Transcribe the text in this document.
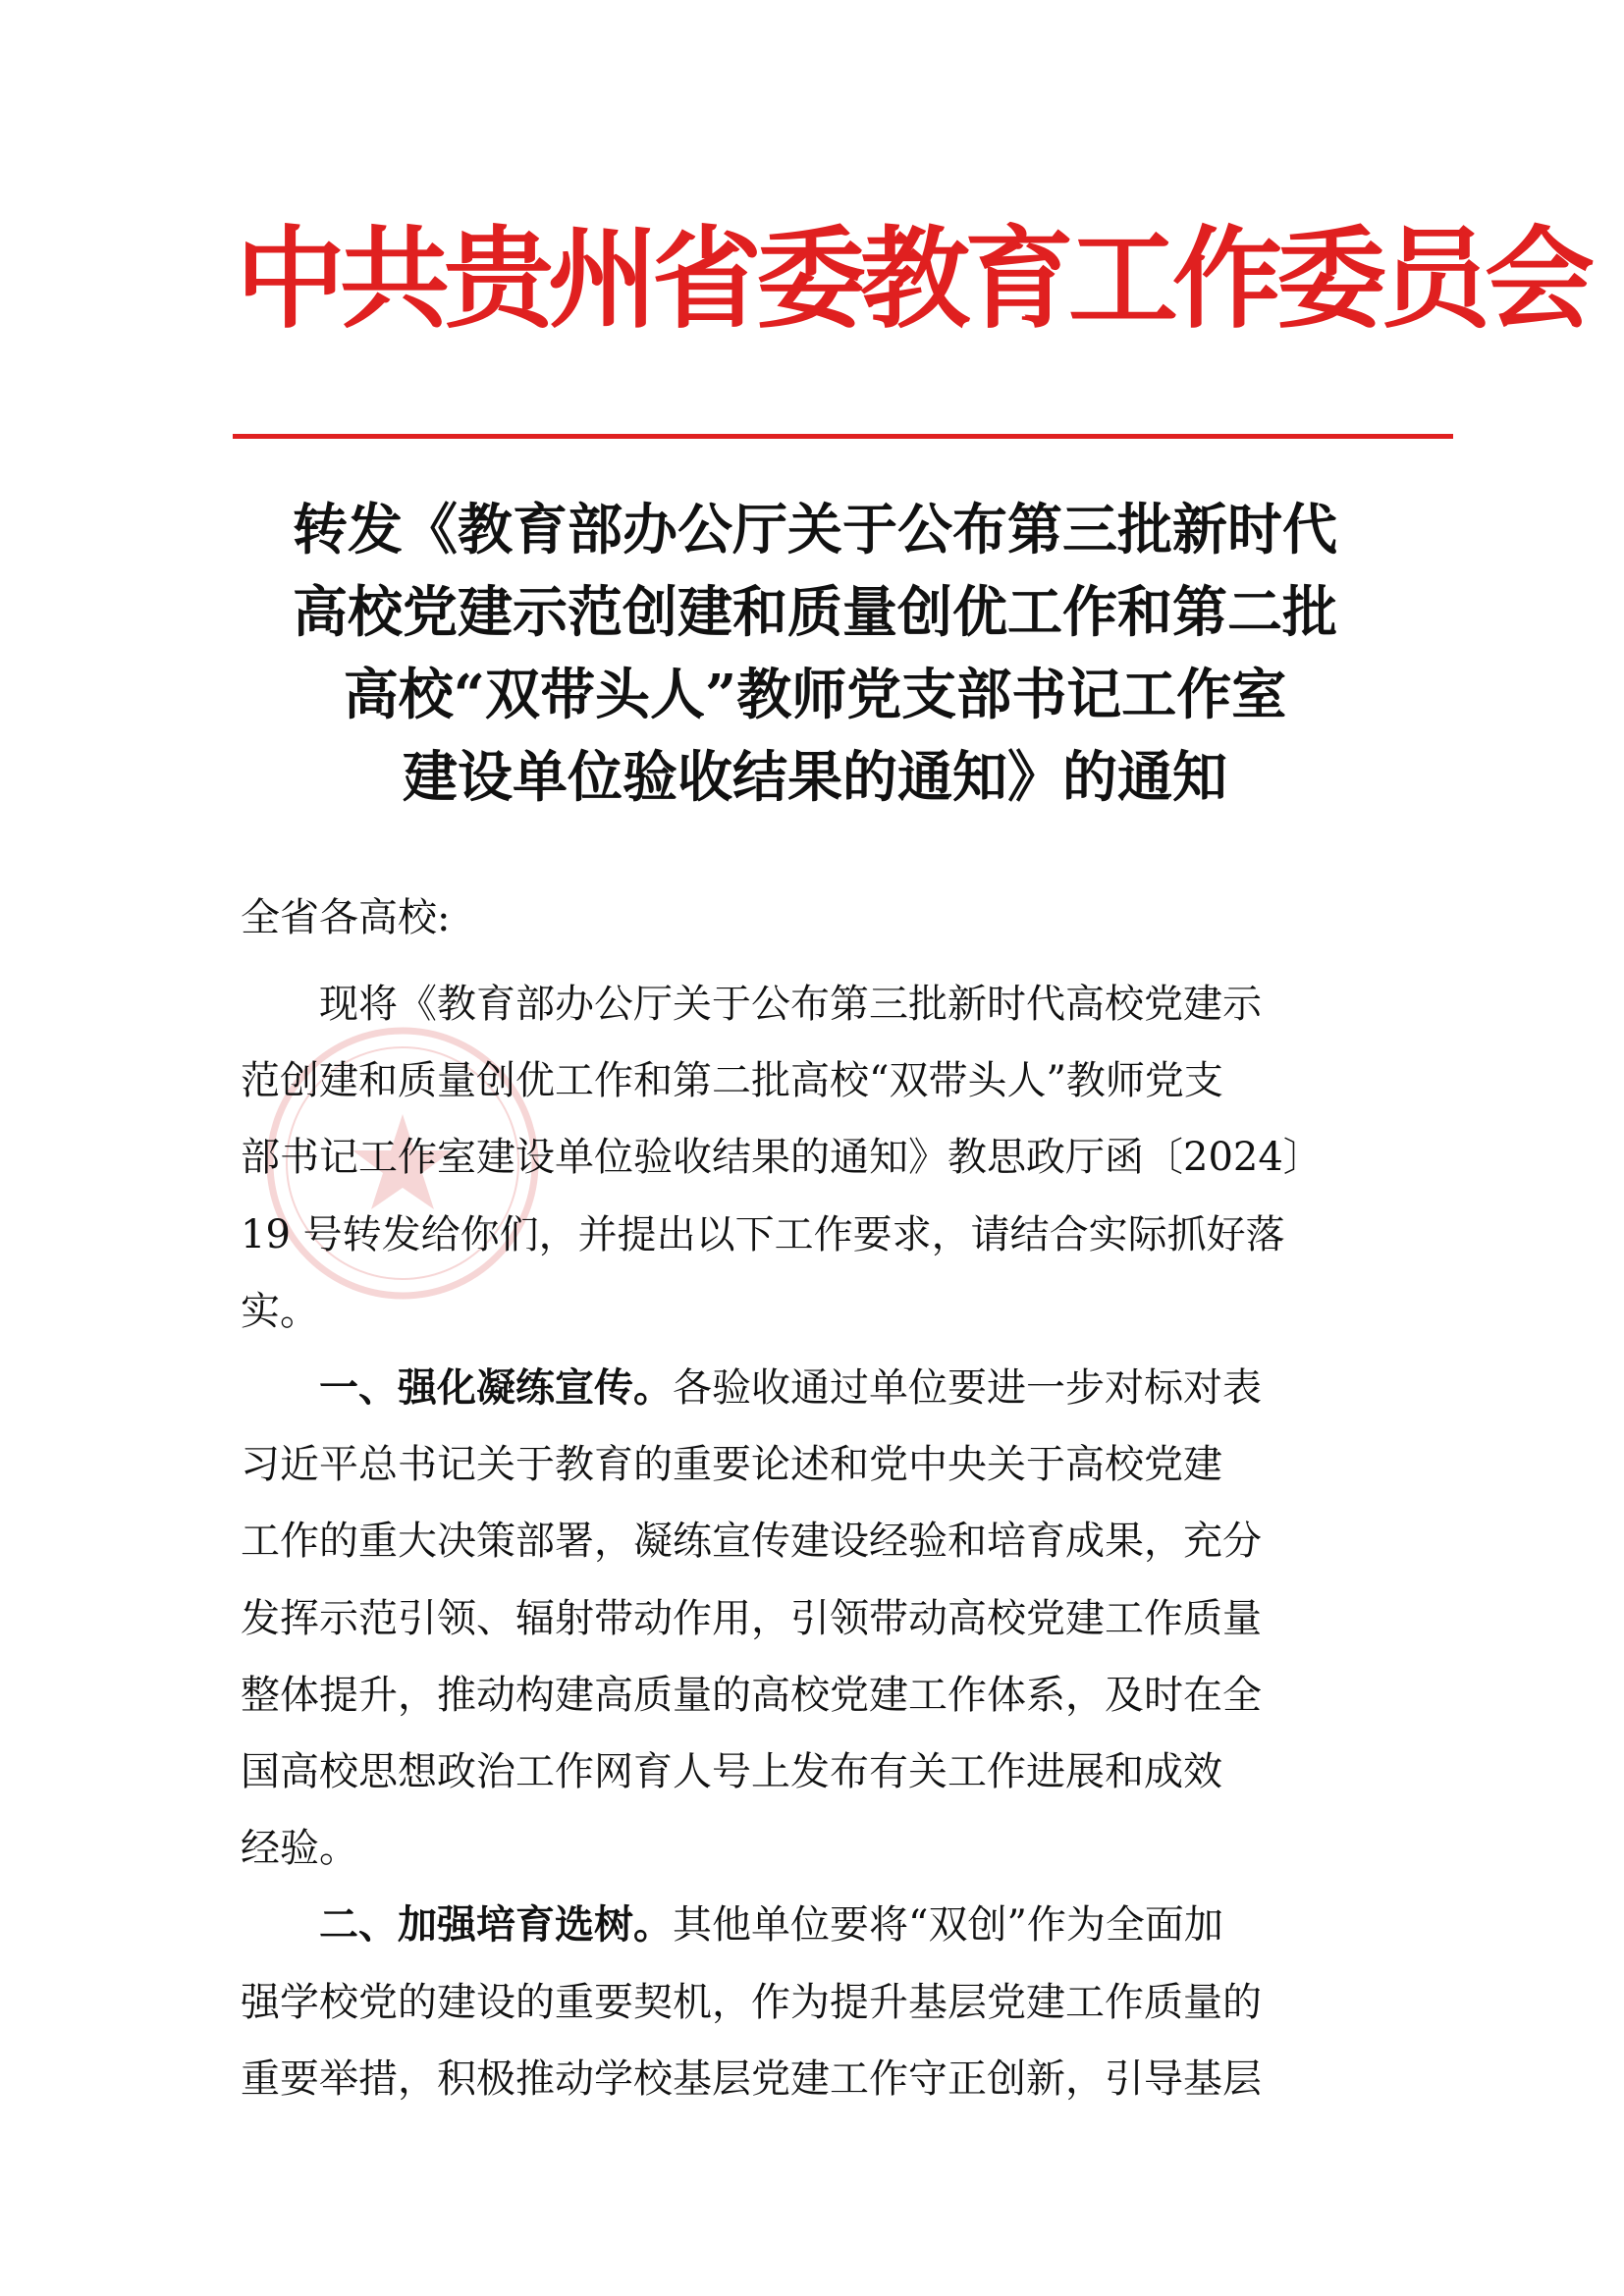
中共贵州省委教育工作委员会
转发《教育部办公厅关于公布第三批新时代
高校党建示范创建和质量创优工作和第二批
高校“双带头人”教师党支部书记工作室
建设单位验收结果的通知》的通知
全省各高校:
　　现将《教育部办公厅关于公布第三批新时代高校党建示
范创建和质量创优工作和第二批高校“双带头人”教师党支
部书记工作室建设单位验收结果的通知》教思政厅函〔2024〕
19 号转发给你们，并提出以下工作要求，请结合实际抓好落
实。
　　一、强化凝练宣传。各验收通过单位要进一步对标对表
习近平总书记关于教育的重要论述和党中央关于高校党建
工作的重大决策部署，凝练宣传建设经验和培育成果，充分
发挥示范引领、辐射带动作用，引领带动高校党建工作质量
整体提升，推动构建高质量的高校党建工作体系，及时在全
国高校思想政治工作网育人号上发布有关工作进展和成效
经验。
　　二、加强培育选树。其他单位要将“双创”作为全面加
强学校党的建设的重要契机，作为提升基层党建工作质量的
重要举措，积极推动学校基层党建工作守正创新，引导基层
